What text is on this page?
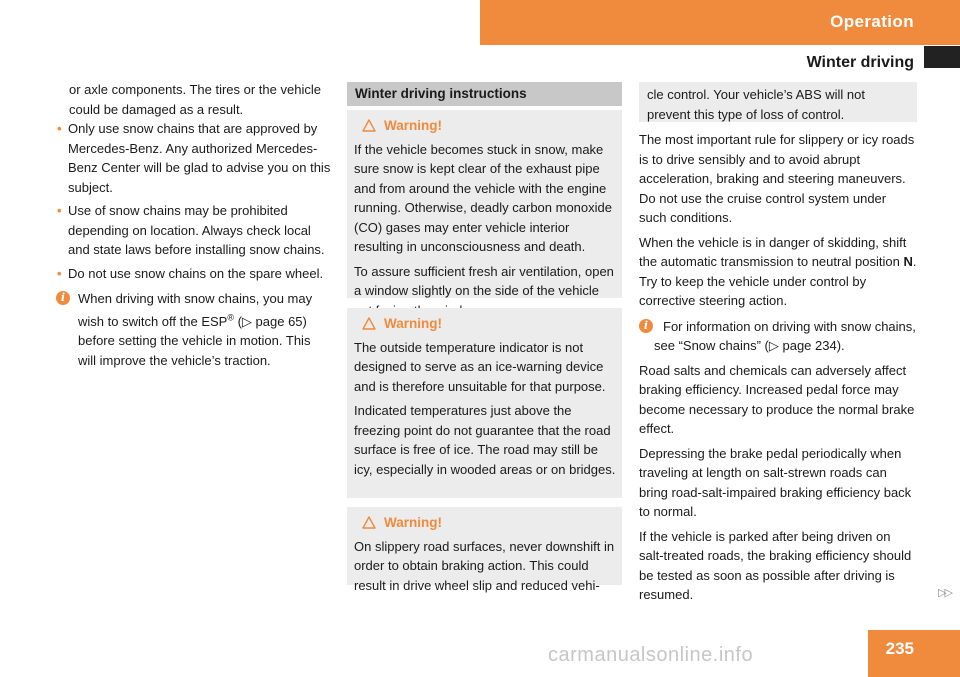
Operation
Winter driving

or axle components. The tires or the vehicle could be damaged as a result.

• Only use snow chains that are approved by Mercedes-Benz. Any authorized Mercedes-Benz Center will be glad to advise you on this subject.
• Use of snow chains may be prohibited depending on location. Always check local and state laws before installing snow chains.
• Do not use snow chains on the spare wheel.
i When driving with snow chains, you may wish to switch off the ESP® (▷ page 65) before setting the vehicle in motion. This will improve the vehicle’s traction.
Winter driving instructions
Warning!

If the vehicle becomes stuck in snow, make sure snow is kept clear of the exhaust pipe and from around the vehicle with the engine running. Otherwise, deadly carbon monoxide (CO) gases may enter vehicle interior resulting in unconsciousness and death.

To assure sufficient fresh air ventilation, open a window slightly on the side of the vehicle

Warning!

The outside temperature indicator is not designed to serve as an ice-warning device and is therefore unsuitable for that purpose.

Indicated temperatures just above the freezing point do not guarantee that the road surface is free of ice. The road may still be icy, especially in wooded areas or on bridges.

Warning!

On slippery road surfaces, never downshift in order to obtain braking action. This could result in drive wheel slip and reduced vehi-

cle control. Your vehicle’s ABS will not prevent this type of loss of control.

The most important rule for slippery or icy roads is to drive sensibly and to avoid abrupt acceleration, braking and steering maneuvers. Do not use the cruise control system under such conditions.

When the vehicle is in danger of skidding, shift the automatic transmission to neutral position N. Try to keep the vehicle under control by corrective steering action.

i	For information on driving with snow chains, see “Snow chains” (▷ page 234).

Road salts and chemicals can adversely affect braking efficiency. Increased pedal force may become necessary to produce the normal brake effect.

Depressing the brake pedal periodically when traveling at length on salt-strewn roads can bring road-salt-impaired braking efficiency back to normal.

If the vehicle is parked after being driven on salt-treated roads, the braking efficiency should be tested as soon as possible after driving is resumed.	▷▷
235
carmanualsonline.info
